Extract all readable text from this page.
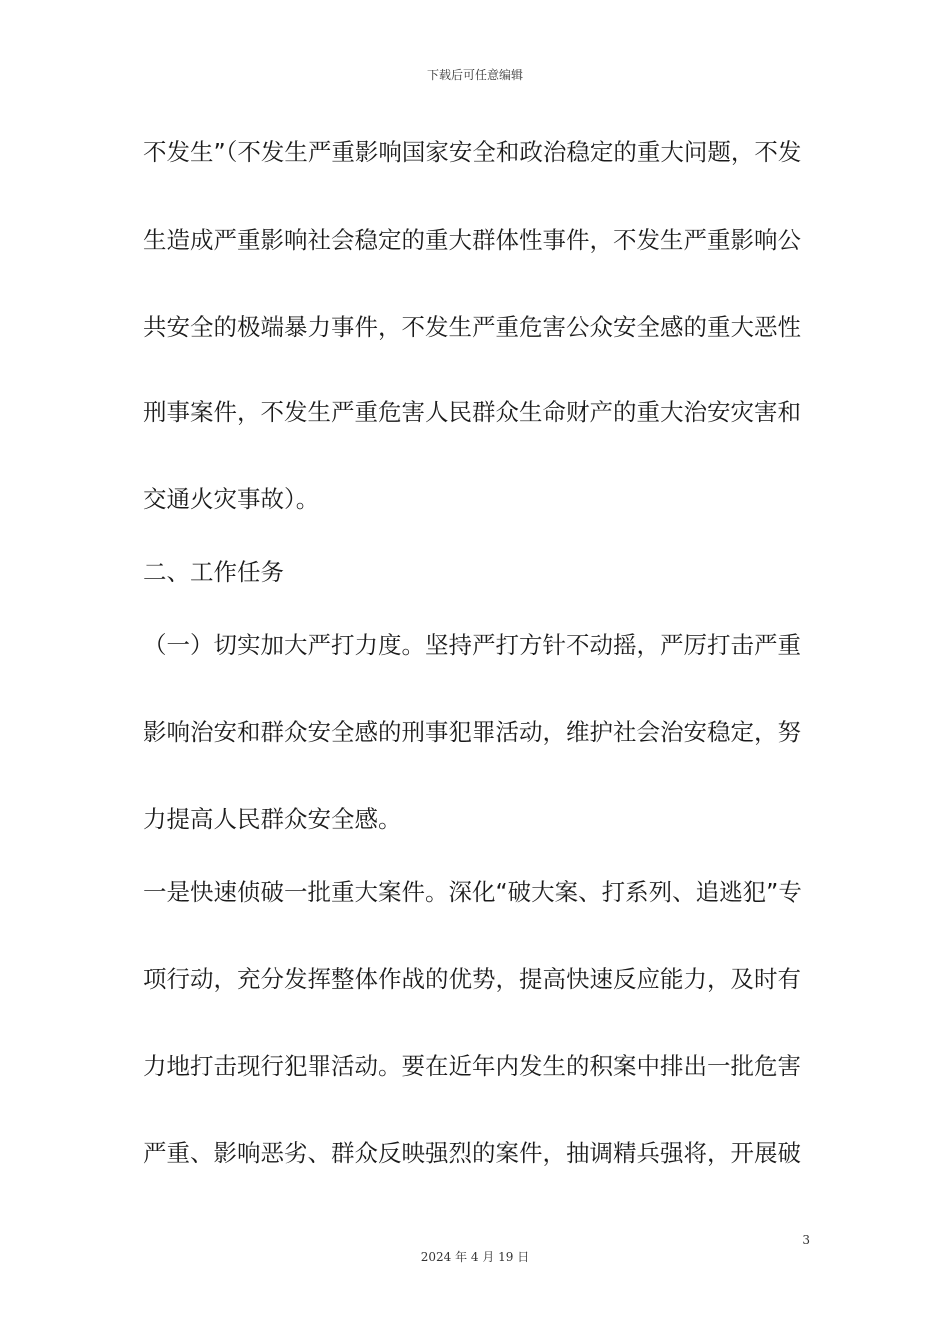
下载后可任意编辑
不发生”（不发生严重影响国家安全和政治稳定的重大问题，不发
生造成严重影响社会稳定的重大群体性事件，不发生严重影响公
共安全的极端暴力事件，不发生严重危害公众安全感的重大恶性
刑事案件，不发生严重危害人民群众生命财产的重大治安灾害和
交通火灾事故）。
二、工作任务
（一）切实加大严打力度。坚持严打方针不动摇，严厉打击严重
影响治安和群众安全感的刑事犯罪活动，维护社会治安稳定，努
力提高人民群众安全感。
一是快速侦破一批重大案件。深化“破大案、打系列、追逃犯”专
项行动，充分发挥整体作战的优势，提高快速反应能力，及时有
力地打击现行犯罪活动。要在近年内发生的积案中排出一批危害
严重、影响恶劣、群众反映强烈的案件，抽调精兵强将，开展破
3
2024 年 4 月 19 日
